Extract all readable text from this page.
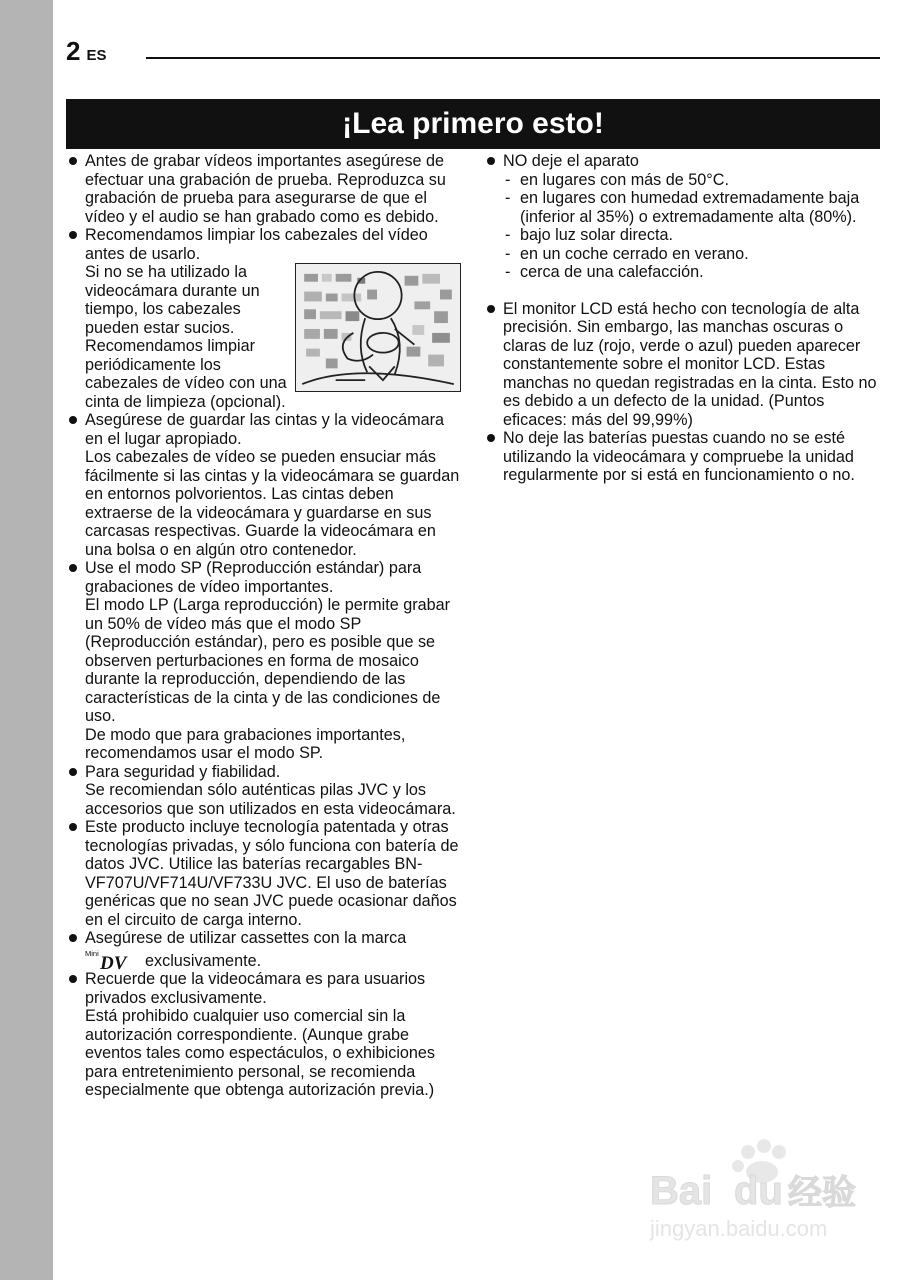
2 ES
¡Lea primero esto!

Antes de grabar vídeos importantes asegúrese de efectuar una grabación de prueba. Reproduzca su grabación de prueba para asegurarse de que el vídeo y el audio se han grabado como es debido.

Recomendamos limpiar los cabezales del vídeo antes de usarlo.

Si no se ha utilizado la videocámara durante un tiempo, los cabezales pueden estar sucios. Recomendamos limpiar periódicamente los cabezales de vídeo con una cinta de limpieza (opcional).

Asegúrese de guardar las cintas y la videocámara en el lugar apropiado.

Los cabezales de vídeo se pueden ensuciar más fácilmente si las cintas y la videocámara se guardan en entornos polvorientos. Las cintas deben extraerse de la videocámara y guardarse en sus carcasas respectivas. Guarde la videocámara en una bolsa o en algún otro contenedor.

Use el modo SP (Reproducción estándar) para grabaciones de vídeo importantes.

El modo LP (Larga reproducción) le permite grabar un 50% de vídeo más que el modo SP (Reproducción estándar), pero es posible que se observen perturbaciones en forma de mosaico durante la reproducción, dependiendo de las características de la cinta y de las condiciones de uso.

De modo que para grabaciones importantes, recomendamos usar el modo SP.

Para seguridad y fiabilidad.

Se recomiendan sólo auténticas pilas JVC y los accesorios que son utilizados en esta videocámara.

Este producto incluye tecnología patentada y otras tecnologías privadas, y sólo funciona con batería de datos JVC. Utilice las baterías recargables BN-VF707U/VF714U/VF733U JVC. El uso de baterías genéricas que no sean JVC puede ocasionar daños en el circuito de carga interno.

Asegúrese de utilizar cassettes con la marca

Mini DV exclusivamente.

Recuerde que la videocámara es para usuarios privados exclusivamente.

Está prohibido cualquier uso comercial sin la autorización correspondiente. (Aunque grabe eventos tales como espectáculos, o exhibiciones para entretenimiento personal, se recomienda especialmente que obtenga autorización previa.)

NO deje el aparato

- en lugares con más de 50°C.
- en lugares con humedad extremadamente baja (inferior al 35%) o extremadamente alta (80%).
- bajo luz solar directa.
- en un coche cerrado en verano.
- cerca de una calefacción.

El monitor LCD está hecho con tecnología de alta precisión. Sin embargo, las manchas oscuras o claras de luz (rojo, verde o azul) pueden aparecer constantemente sobre el monitor LCD. Estas manchas no quedan registradas en la cinta. Esto no es debido a un defecto de la unidad. (Puntos eficaces: más del 99,99%)

No deje las baterías puestas cuando no se esté utilizando la videocámara y compruebe la unidad regularmente por si está en funcionamiento o no.

Bai du 经验
jingyan.baidu.com
